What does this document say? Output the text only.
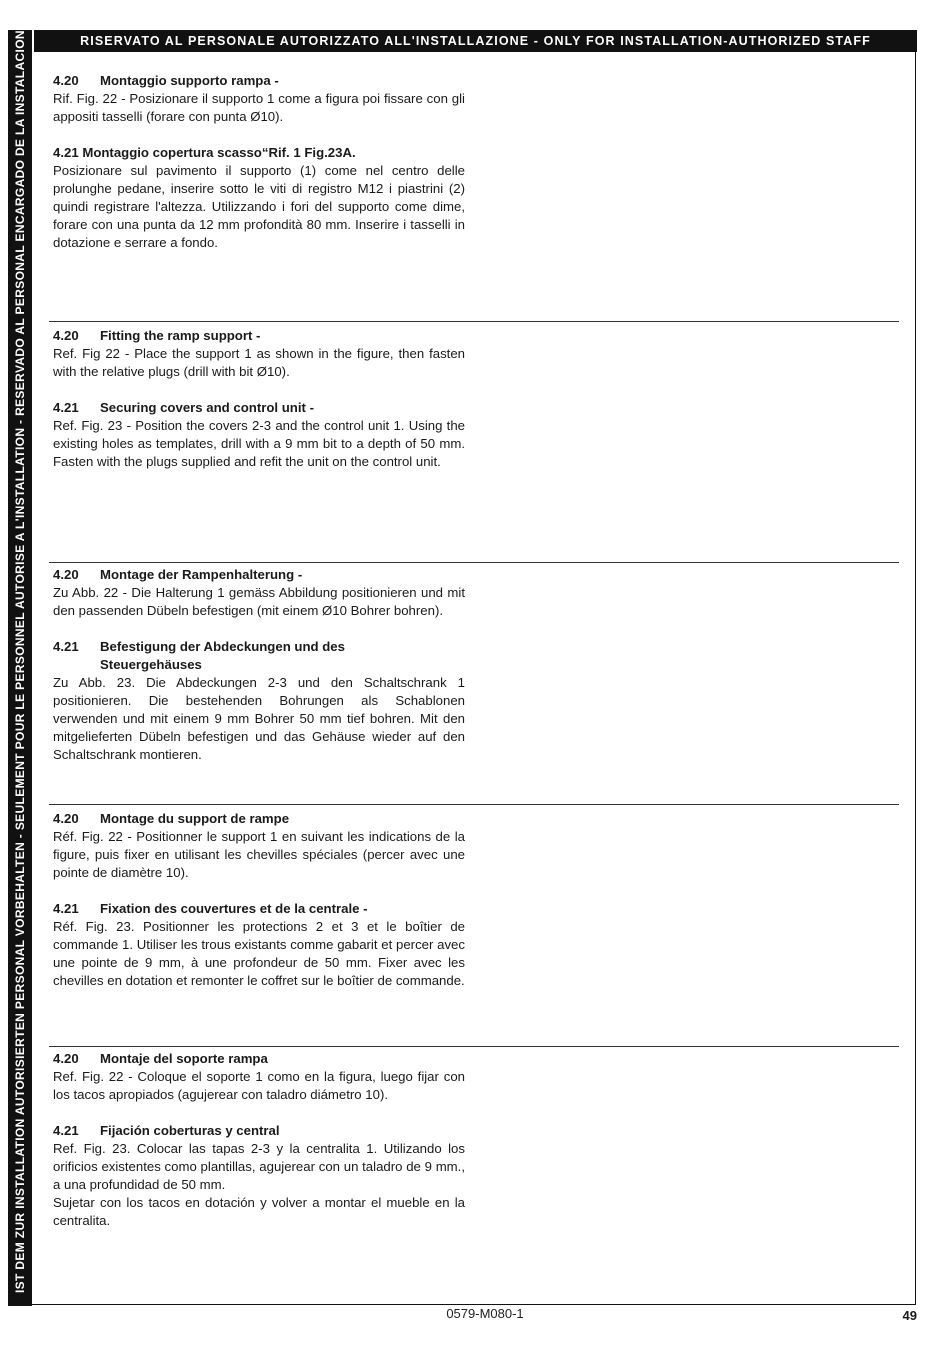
RISERVATO AL PERSONALE AUTORIZZATO ALL'INSTALLAZIONE - ONLY FOR INSTALLATION-AUTHORIZED STAFF
IST DEM ZUR INSTALLATION AUTORISIERTEN PERSONAL VORBEHALTEN - SEULEMENT POUR LE PERSONNEL AUTORISE A L'INSTALLATION - RESERVADO AL PERSONAL ENCARGADO DE LA INSTALACION 4.20 Montaggio supporto rampa -
Rif. Fig. 22 - Posizionare il supporto 1 come a figura poi fissare con gli appositi tasselli (forare con punta Ø10).
4.21 Montaggio copertura scasso“Rif. 1 Fig.23A.
Posizionare sul pavimento il supporto (1) come nel centro delle prolunghe pedane, inserire sotto le viti di registro M12 i piastrini (2) quindi registrare l'altezza. Utilizzando i fori del supporto come dime, forare con una punta da 12 mm profondità 80 mm. Inserire i tasselli in dotazione e serrare a fondo.
4.20 Fitting the ramp support -
Ref. Fig 22 - Place the support 1 as shown in the figure, then fasten with the relative plugs (drill with bit Ø10).
4.21 Securing covers and control unit -
Ref. Fig. 23 - Position the covers 2-3 and the control unit 1. Using the existing holes as templates, drill with a 9 mm bit to a depth of 50 mm. Fasten with the plugs supplied and refit the unit on the control unit.
4.20 Montage der Rampenhalterung -
Zu Abb. 22 - Die Halterung 1 gemäss Abbildung positionieren und mit den passenden Dübeln befestigen (mit einem Ø10 Bohrer bohren).
4.21 Befestigung der Abdeckungen und des
Steuergehäuses
Zu Abb. 23. Die Abdeckungen 2-3 und den Schaltschrank 1 positionieren. Die bestehenden Bohrungen als Schablonen verwenden und mit einem 9 mm Bohrer 50 mm tief bohren. Mit den mitgelieferten Dübeln befestigen und das Gehäuse wieder auf den Schaltschrank montieren.
4.20 Montage du support de rampe
Réf. Fig. 22 - Positionner le support 1 en suivant les indications de la figure, puis fixer en utilisant les chevilles spéciales (percer avec une pointe de diamètre 10).
4.21 Fixation des couvertures et de la centrale -
Réf. Fig. 23. Positionner les protections 2 et 3 et le boîtier de commande 1. Utiliser les trous existants comme gabarit et percer avec une pointe de 9 mm, à une profondeur de 50 mm. Fixer avec les chevilles en dotation et remonter le coffret sur le boîtier de commande.
4.20 Montaje del soporte rampa
Ref. Fig. 22 - Coloque el soporte 1 como en la figura, luego fijar con los tacos apropiados (agujerear con taladro diámetro 10).
4.21 Fijación coberturas y central
Ref. Fig. 23. Colocar las tapas 2-3 y la centralita 1. Utilizando los orificios existentes como plantillas, agujerear con un taladro de 9 mm., a una profundidad de 50 mm.
Sujetar con los tacos en dotación y volver a montar el mueble en la centralita.
0579-M080-1	49
